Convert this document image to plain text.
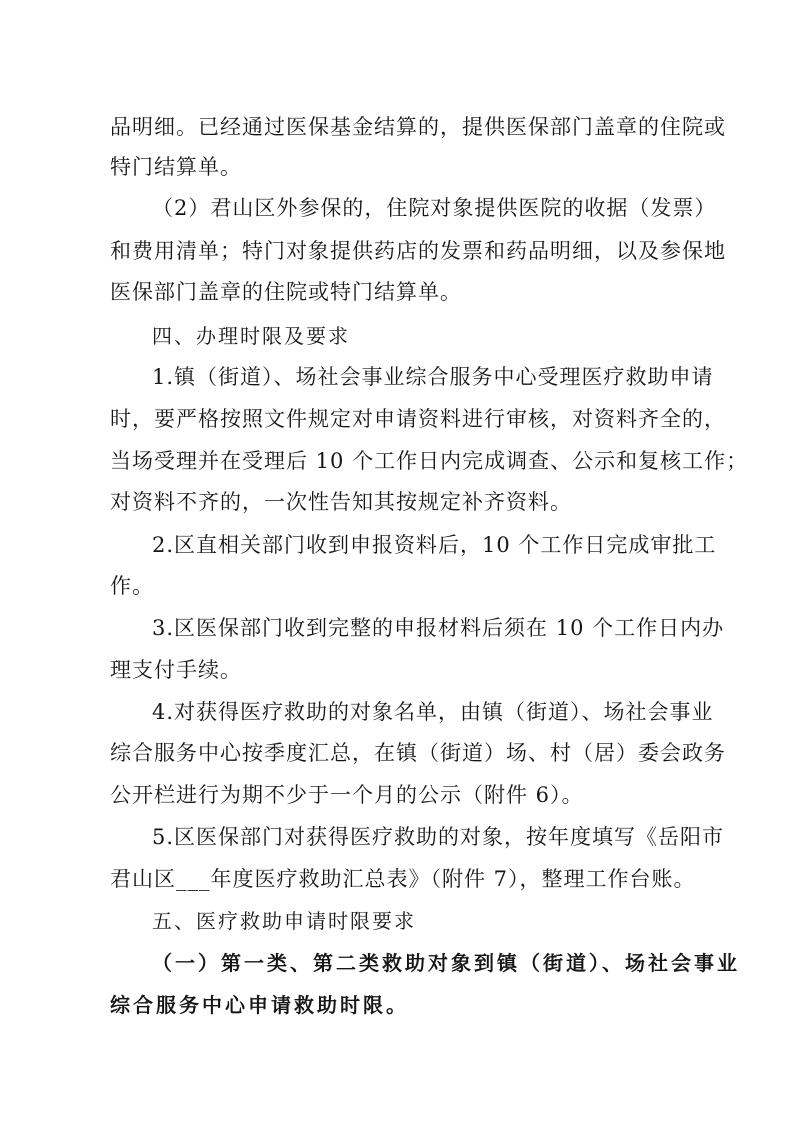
品明细。已经通过医保基金结算的，提供医保部门盖章的住院或
特门结算单。
（2）君山区外参保的，住院对象提供医院的收据（发票）
和费用清单；特门对象提供药店的发票和药品明细，以及参保地
医保部门盖章的住院或特门结算单。
四、办理时限及要求
1.镇（街道）、场社会事业综合服务中心受理医疗救助申请
时，要严格按照文件规定对申请资料进行审核，对资料齐全的，
当场受理并在受理后 10 个工作日内完成调查、公示和复核工作；
对资料不齐的，一次性告知其按规定补齐资料。
2.区直相关部门收到申报资料后，10 个工作日完成审批工
作。
3.区医保部门收到完整的申报材料后须在 10 个工作日内办
理支付手续。
4.对获得医疗救助的对象名单，由镇（街道）、场社会事业
综合服务中心按季度汇总，在镇（街道）场、村（居）委会政务
公开栏进行为期不少于一个月的公示（附件 6）。
5.区医保部门对获得医疗救助的对象，按年度填写《岳阳市
君山区___年度医疗救助汇总表》（附件 7），整理工作台账。
五、医疗救助申请时限要求
（一）第一类、第二类救助对象到镇（街道）、场社会事业
综合服务中心申请救助时限。
